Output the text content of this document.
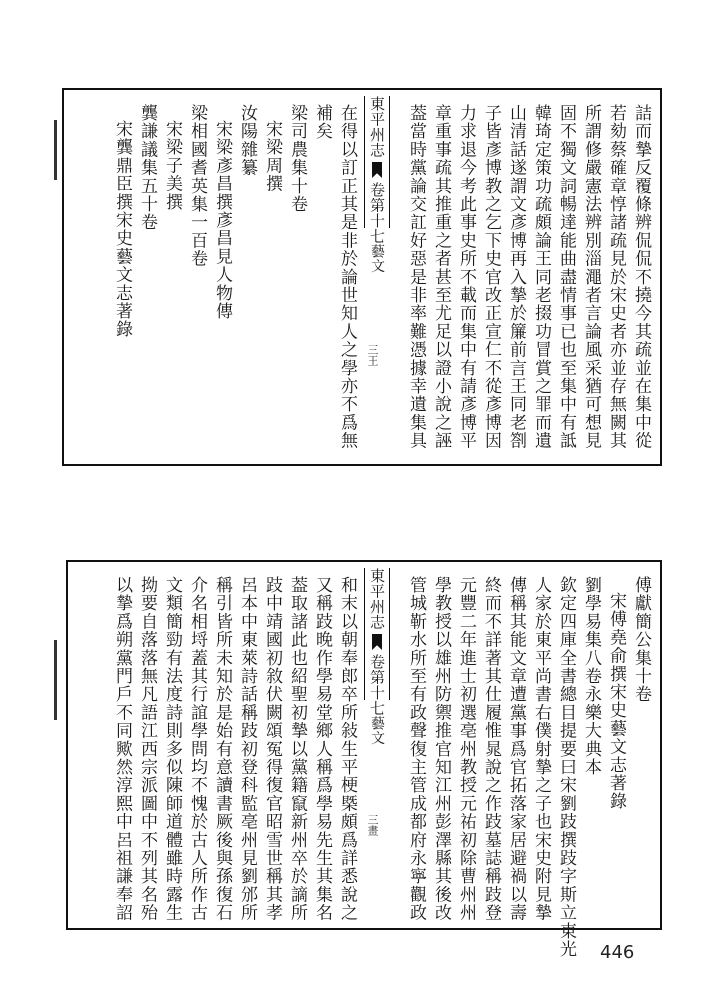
詰而摯反覆條辨侃侃不撓今其疏並在集中從
若劾蔡確章惇諸疏見於宋史者亦並存無闕其
所謂修嚴憲法辨別淄澠者言論風采猶可想見
固不獨文詞暢達能曲盡情事已也至集中有詆
韓琦定策功疏頗論王同老掇功冒賞之罪而遺
山清話遂謂文彥博再入摯於簾前言王同老劄
子皆彥博教之乞下史官改正宣仁不從彥博因
力求退今考此事史所不載而集中有請彥博平
章重事疏其推重之者甚至尤足以證小說之誣
葢當時黨論交訌好惡是非率難憑據幸遺集具
東平州志卷第十七藝文
三王
在得以訂正其是非於論世知人之學亦不爲無
補矣
梁司農集十卷
宋梁周撰
汝陽雜纂
宋梁彥昌撰彥昌見人物傳
梁相國耆英集一百卷
宋梁子美撰
龔謙議集五十卷
宋龔鼎臣撰宋史藝文志著錄
傅獻簡公集十卷
宋傅堯俞撰宋史藝文志著錄
劉學易集八卷永樂大典本
欽定四庫全書總目提要曰宋劉跂撰跂字斯立東光
人家於東平尚書右僕射摯之子也宋史附見摯
傳稱其能文章遭黨事爲官拓落家居避禍以壽
終而不詳著其仕履惟晁說之作跂墓誌稱跂登
元豐二年進士初選亳州教授元祐初除曹州州
學教授以雄州防禦推官知江州彭澤縣其後改
管城靳水所至有政聲復主管成都府永寧觀政
東平州志卷第十七藝文
三畫
和末以朝奉郎卒所敍生平梗槩頗爲詳悉說之
又稱跂晚作學易堂鄉人稱爲學易先生其集名
葢取諸此也紹聖初摯以黨籍竄新州卒於謫所
跂中靖國初敘伏闕頌冤得復官昭雪世稱其孝
呂本中東萊詩話稱跂初登科監亳州見劉邠所
稱引皆所未知於是始有意讀書厥後與孫復石
介名相埒蓋其行誼學問均不愧於古人所作古
文類簡勁有法度詩則多似陳師道體雖時露生
拗要自落落無凡語江西宗派圖中不列其名殆
以摯爲朔黨門戶不同歟然淳熙中呂祖謙奉詔
446
